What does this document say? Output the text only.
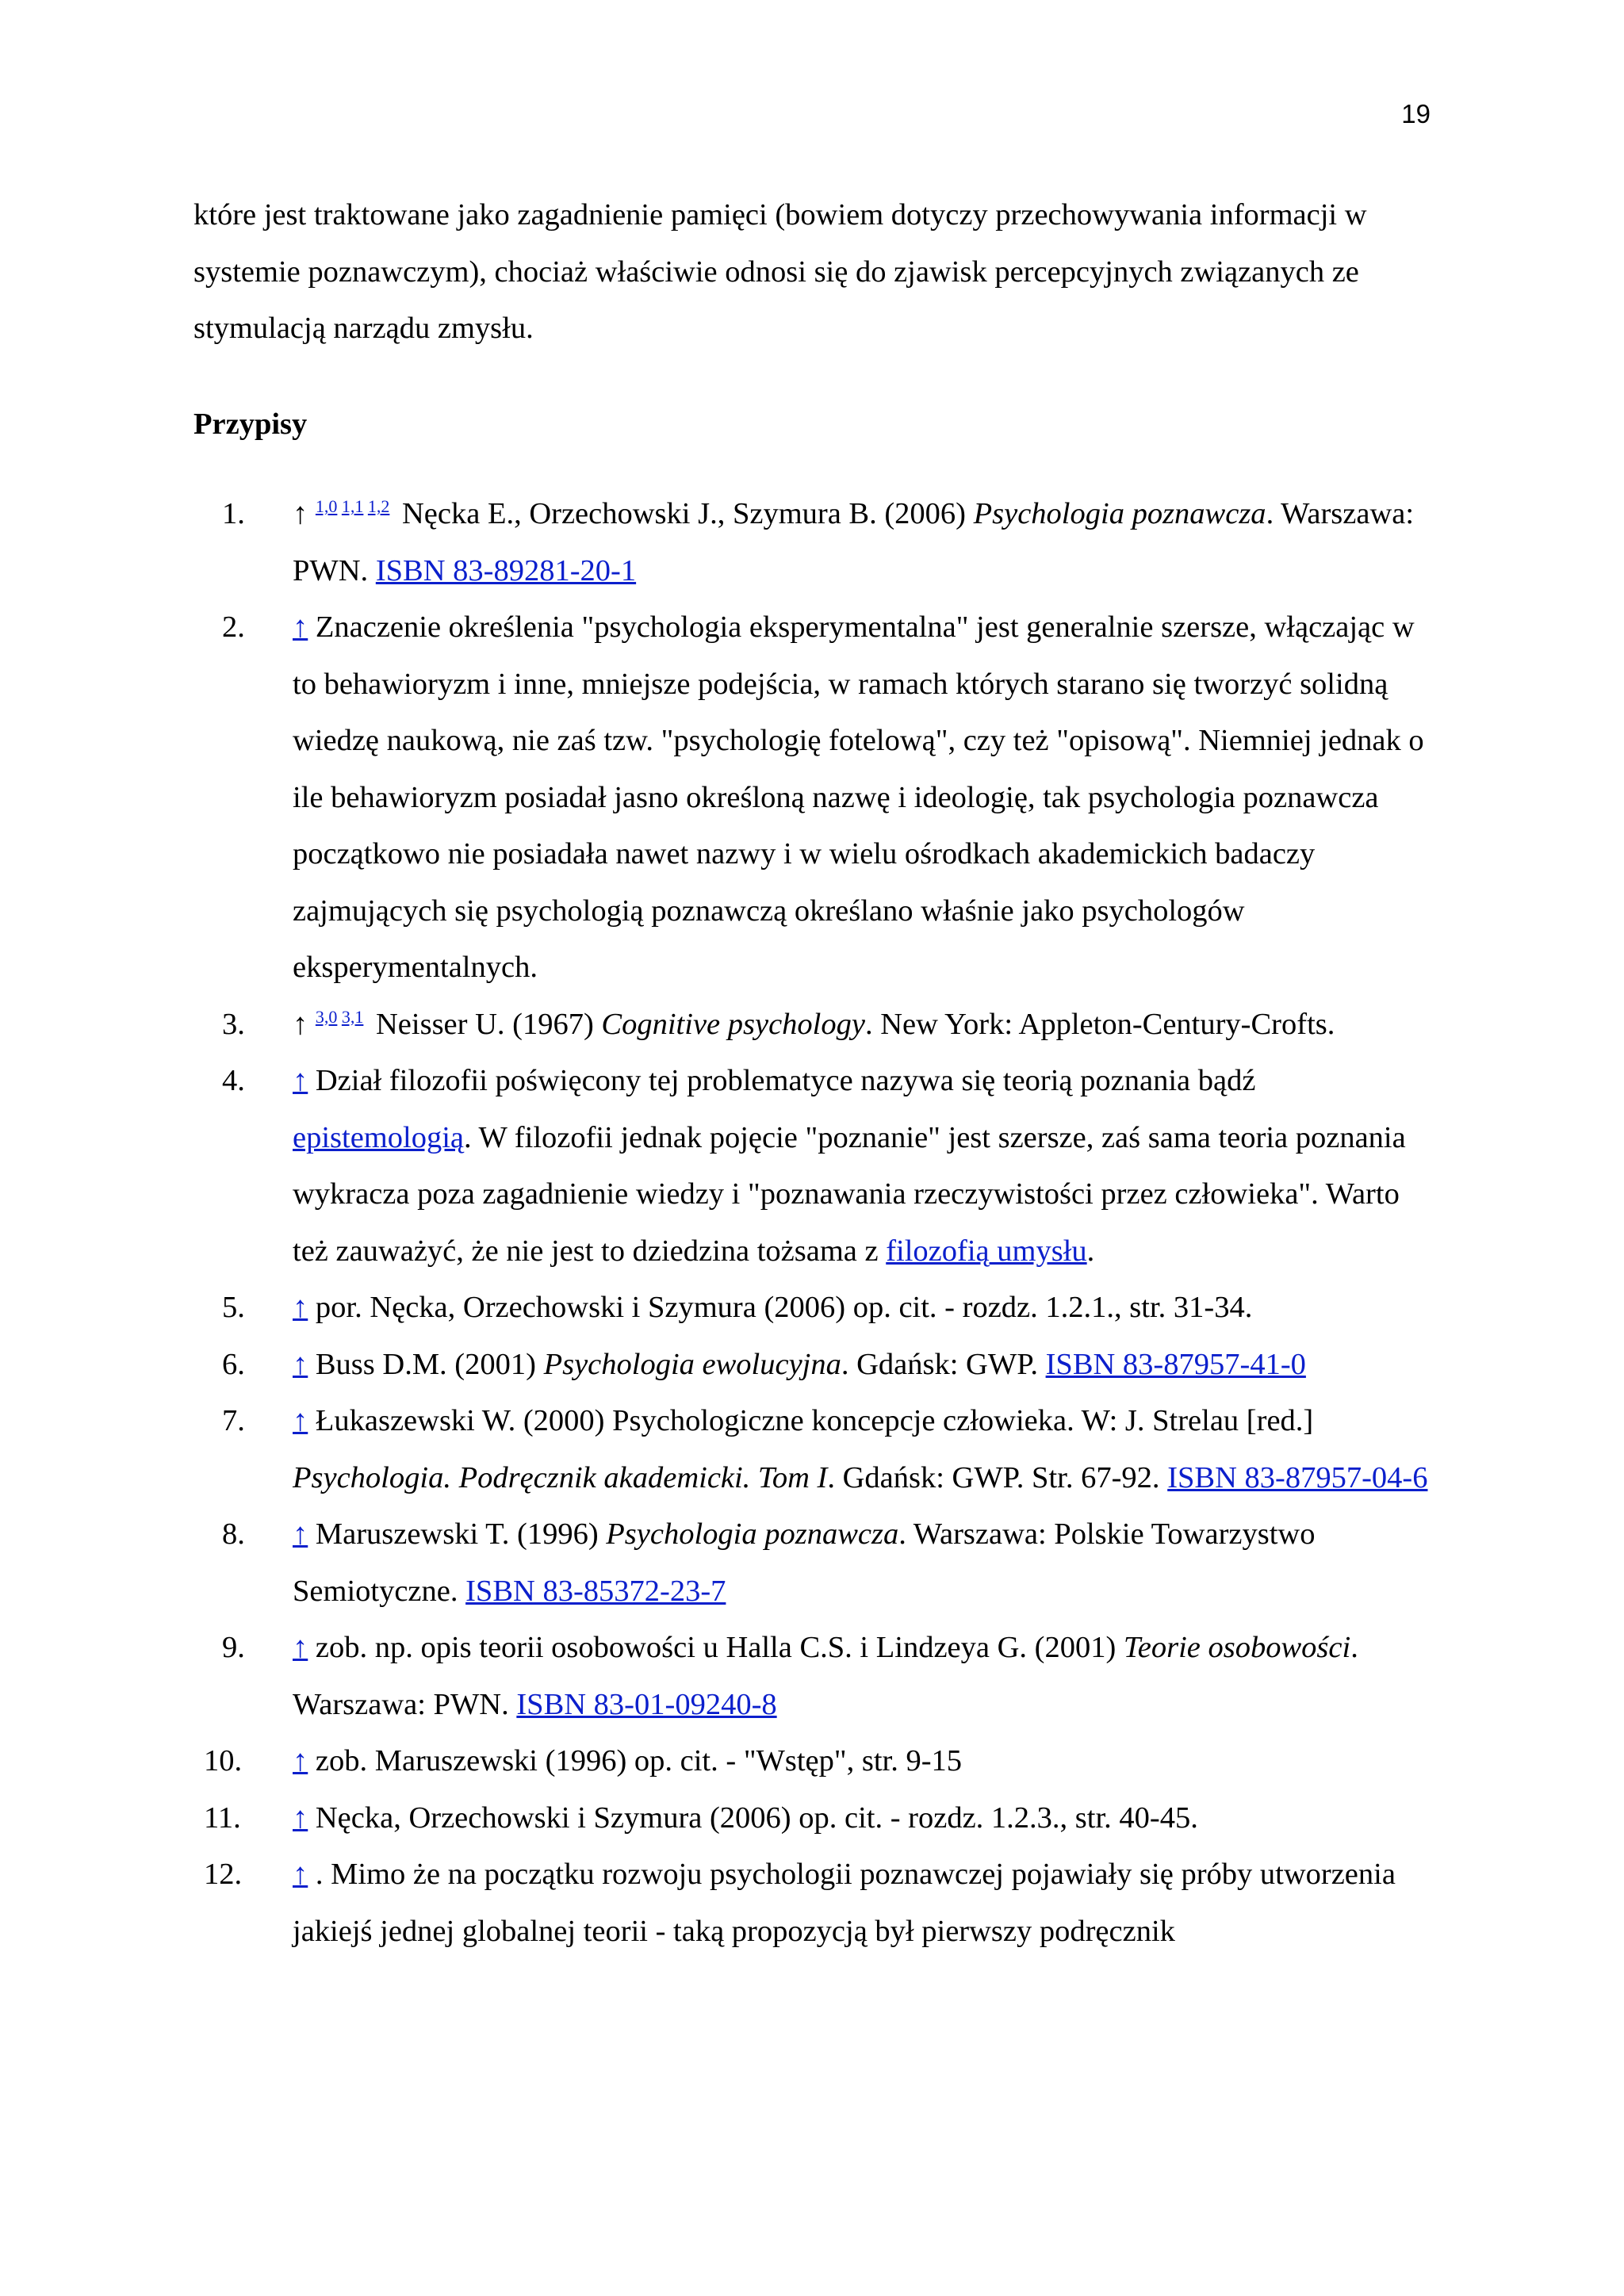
19

które jest traktowane jako zagadnienie pamięci (bowiem dotyczy przechowywania informacji w systemie poznawczym), chociaż właściwie odnosi się do zjawisk percepcyjnych związanych ze stymulacją narządu zmysłu.

Przypisy
1. ↑ $^{1,0 1,1 1,2}$ Nęcka E., Orzechowski J., Szymura B. (2006) Psychologia poznawcza. Warszawa: PWN. ISBN 83-89281-20-1
2. ↑ Znaczenie określenia "psychologia eksperymentalna" jest generalnie szersze, włączając w to behawioryzm i inne, mniejsze podejścia, w ramach których starano się tworzyć solidną wiedzę naukową, nie zaś tzw. "psychologię fotelową", czy też "opisową". Niemniej jednak o ile behawioryzm posiadał jasno określoną nazwę i ideologię, tak psychologia poznawcza początkowo nie posiadała nawet nazwy i w wielu ośrodkach akademickich badaczy zajmujących się psychologią poznawczą określano właśnie jako psychologów eksperymentalnych.
3. ↑ $^{3,0 3,1}$ Neisser U. (1967) Cognitive psychology. New York: Appleton-Century-Crofts.
4. ↑ Dział filozofii poświęcony tej problematyce nazywa się teorią poznania bądź epistemologią. W filozofii jednak pojęcie "poznanie" jest szersze, zaś sama teoria poznania wykracza poza zagadnienie wiedzy i "poznawania rzeczywistości przez człowieka". Warto też zauważyć, że nie jest to dziedzina tożsama z filozofią umysłu.
5. ↑ por. Nęcka, Orzechowski i Szymura (2006) op. cit. - rozdz. 1.2.1., str. 31-34.
6. ↑ Buss D.M. (2001) Psychologia ewolucyjna. Gdańsk: GWP. ISBN 83-87957-41-0
7. ↑ Łukaszewski W. (2000) Psychologiczne koncepcje człowieka. W: J. Strelau [red.] Psychologia. Podręcznik akademicki. Tom I. Gdańsk: GWP. Str. 67-92. ISBN 83-87957-04-6
8. ↑ Maruszewski T. (1996) Psychologia poznawcza. Warszawa: Polskie Towarzystwo Semiotyczne. ISBN 83-85372-23-7
9. ↑ zob. np. opis teorii osobowości u Halla C.S. i Lindzeya G. (2001) Teorie osobowości. Warszawa: PWN. ISBN 83-01-09240-8
10. ↑ zob. Maruszewski (1996) op. cit. - "Wstęp", str. 9-15
11. ↑ Nęcka, Orzechowski i Szymura (2006) op. cit. - rozdz. 1.2.3., str. 40-45.
12. ↑ . Mimo że na początku rozwoju psychologii poznawczej pojawiały się próby utworzenia jakiejś jednej globalnej teorii - taką propozycją był pierwszy podręcznik
